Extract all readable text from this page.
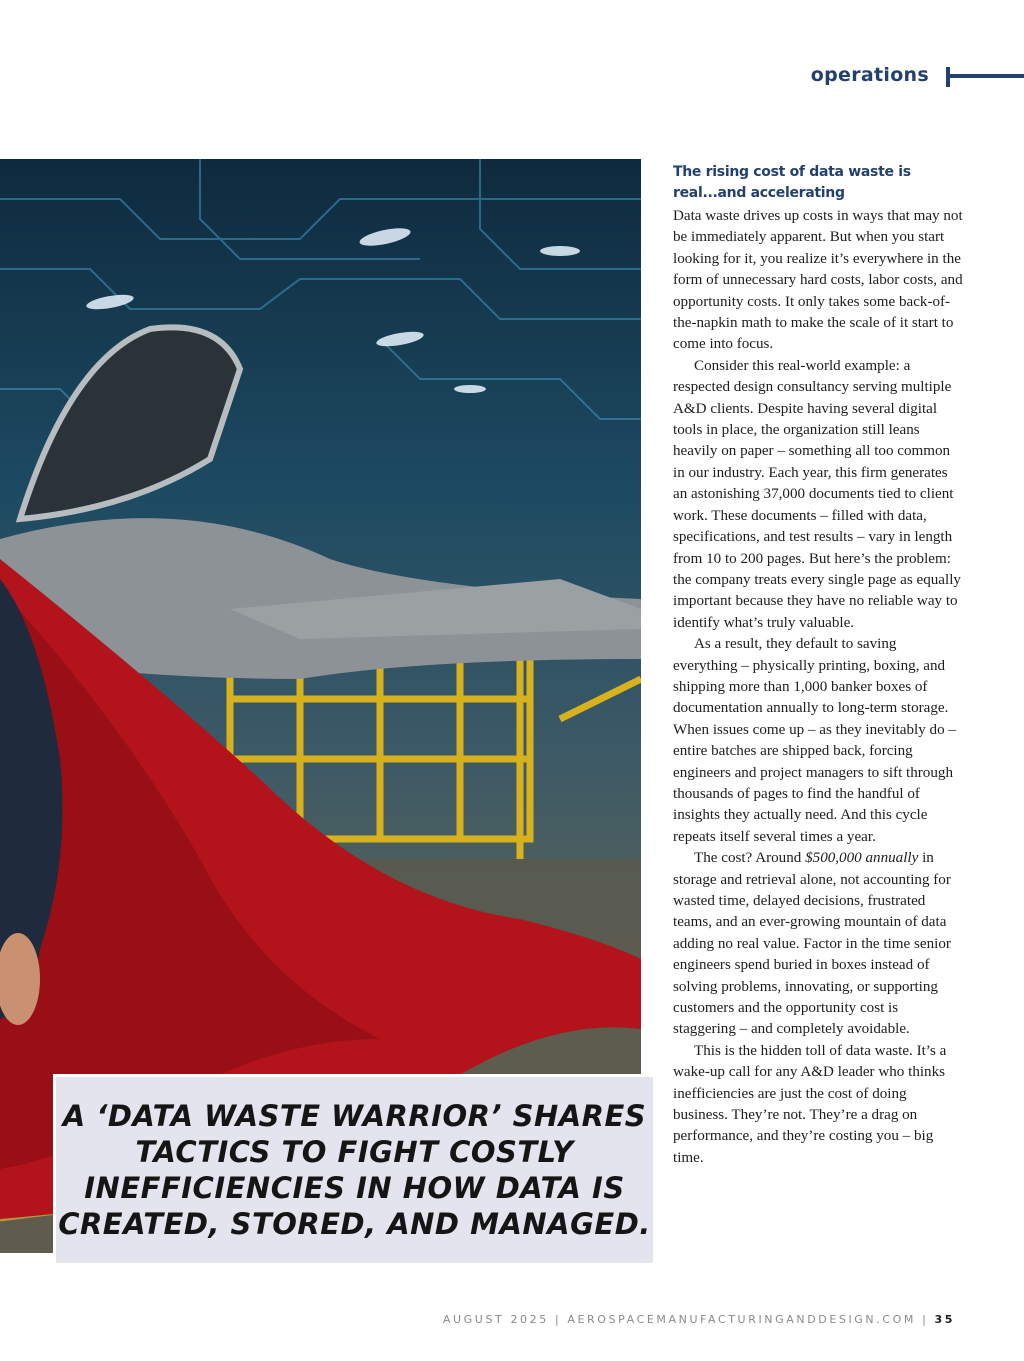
operations

A ‘DATA WASTE WARRIOR’ SHARES TACTICS TO FIGHT COSTLY INEFFICIENCIES IN HOW DATA IS CREATED, STORED, AND MANAGED.

The rising cost of data waste is real...and accelerating

Data waste drives up costs in ways that may not be immediately apparent. But when you start looking for it, you realize it’s everywhere in the form of unnecessary hard costs, labor costs, and opportunity costs. It only takes some back-of-the-napkin math to make the scale of it start to come into focus.

Consider this real-world example: a respected design consultancy serving multiple A&D clients. Despite having several digital tools in place, the organization still leans heavily on paper – something all too common in our industry. Each year, this firm generates an astonishing 37,000 documents tied to client work. These documents – filled with data, specifications, and test results – vary in length from 10 to 200 pages. But here’s the problem: the company treats every single page as equally important because they have no reliable way to identify what’s truly valuable.

As a result, they default to saving everything – physically printing, boxing, and shipping more than 1,000 banker boxes of documentation annually to long-term storage. When issues come up – as they inevitably do – entire batches are shipped back, forcing engineers and project managers to sift through thousands of pages to find the handful of insights they actually need. And this cycle repeats itself several times a year.

The cost? Around $500,000 annually in storage and retrieval alone, not accounting for wasted time, delayed decisions, frustrated teams, and an ever-growing mountain of data adding no real value. Factor in the time senior engineers spend buried in boxes instead of solving problems, innovating, or supporting customers and the opportunity cost is staggering – and completely avoidable.

This is the hidden toll of data waste. It’s a wake-up call for any A&D leader who thinks inefficiencies are just the cost of doing business. They’re not. They’re a drag on performance, and they’re costing you – big time.

AUGUST 2025 | AEROSPACEMANUFACTURINGANDDESIGN.COM | 35
